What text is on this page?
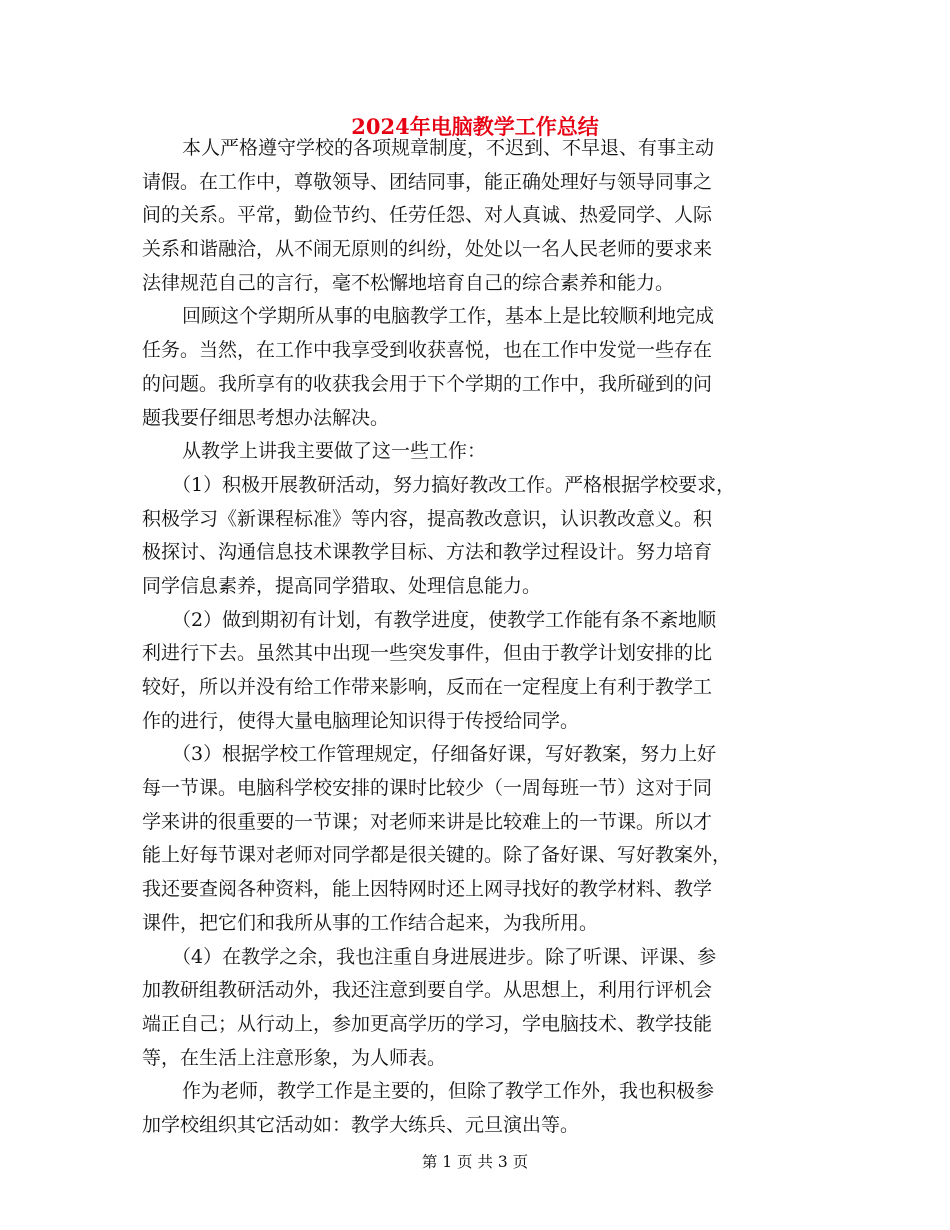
2024年电脑教学工作总结
本人严格遵守学校的各项规章制度，不迟到、不早退、有事主动
请假。在工作中，尊敬领导、团结同事，能正确处理好与领导同事之
间的关系。平常，勤俭节约、任劳任怨、对人真诚、热爱同学、人际
关系和谐融洽，从不闹无原则的纠纷，处处以一名人民老师的要求来
法律规范自己的言行，毫不松懈地培育自己的综合素养和能力。
回顾这个学期所从事的电脑教学工作，基本上是比较顺利地完成
任务。当然，在工作中我享受到收获喜悦，也在工作中发觉一些存在
的问题。我所享有的收获我会用于下个学期的工作中，我所碰到的问
题我要仔细思考想办法解决。
从教学上讲我主要做了这一些工作：
（1）积极开展教研活动，努力搞好教改工作。严格根据学校要求，
积极学习《新课程标准》等内容，提高教改意识，认识教改意义。积
极探讨、沟通信息技术课教学目标、方法和教学过程设计。努力培育
同学信息素养，提高同学猎取、处理信息能力。
（2）做到期初有计划，有教学进度，使教学工作能有条不紊地顺
利进行下去。虽然其中出现一些突发事件，但由于教学计划安排的比
较好，所以并没有给工作带来影响，反而在一定程度上有利于教学工
作的进行，使得大量电脑理论知识得于传授给同学。
（3）根据学校工作管理规定，仔细备好课，写好教案，努力上好
每一节课。电脑科学校安排的课时比较少（一周每班一节）这对于同
学来讲的很重要的一节课；对老师来讲是比较难上的一节课。所以才
能上好每节课对老师对同学都是很关键的。除了备好课、写好教案外，
我还要查阅各种资料，能上因特网时还上网寻找好的教学材料、教学
课件，把它们和我所从事的工作结合起来，为我所用。
（4）在教学之余，我也注重自身进展进步。除了听课、评课、参
加教研组教研活动外，我还注意到要自学。从思想上，利用行评机会
端正自己；从行动上，参加更高学历的学习，学电脑技术、教学技能
等，在生活上注意形象，为人师表。
作为老师，教学工作是主要的，但除了教学工作外，我也积极参
加学校组织其它活动如：教学大练兵、元旦演出等。
第 1 页 共 3 页
